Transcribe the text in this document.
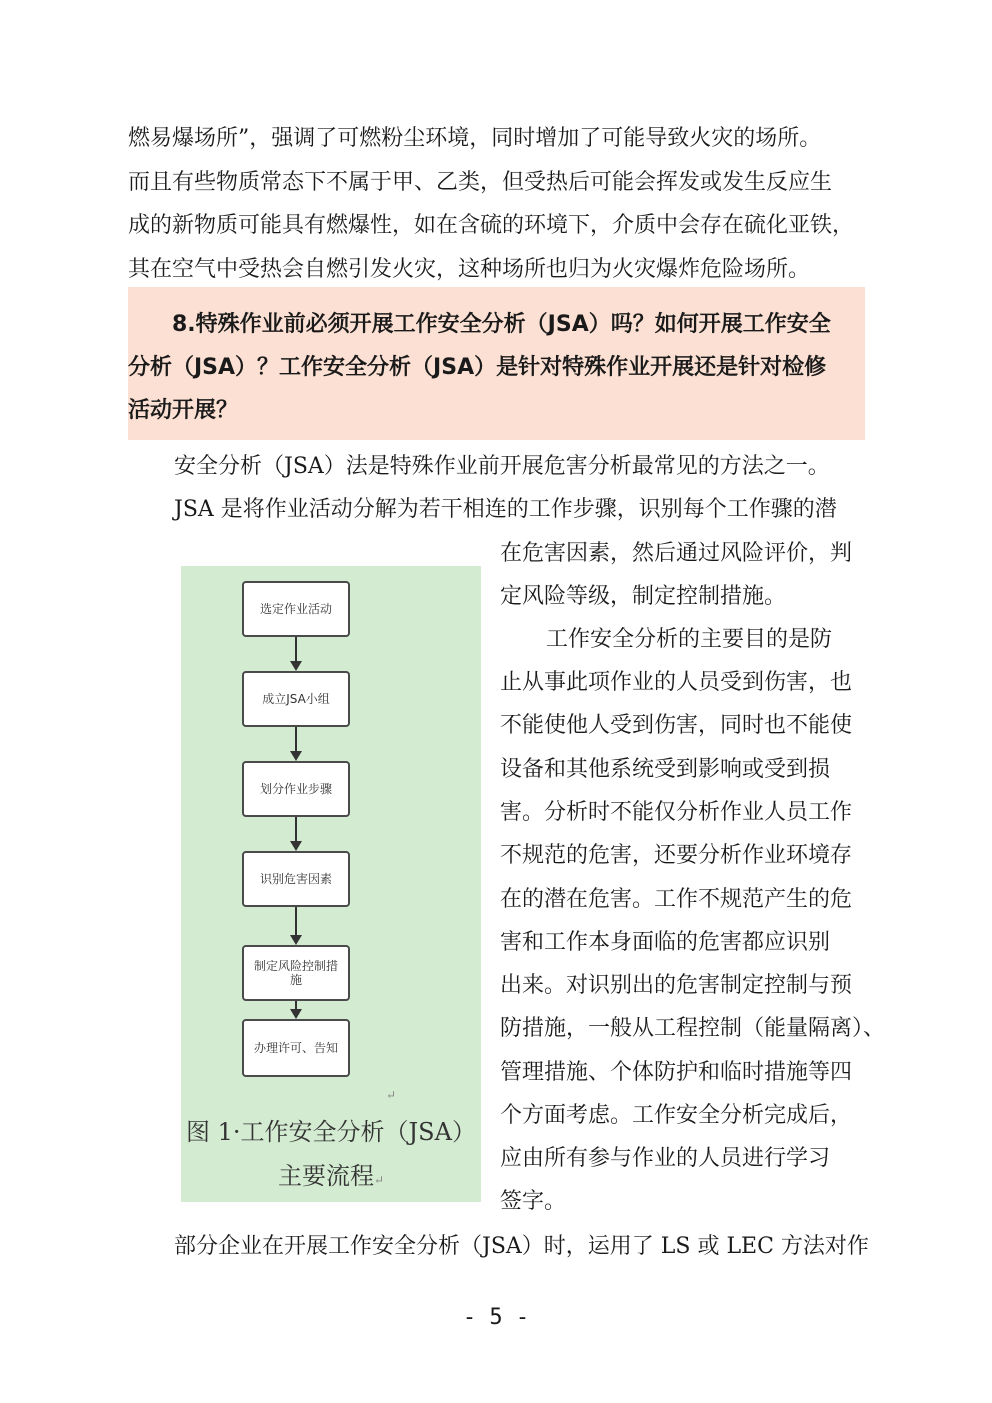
燃易爆场所”，强调了可燃粉尘环境，同时增加了可能导致火灾的场所。
而且有些物质常态下不属于甲、乙类，但受热后可能会挥发或发生反应生
成的新物质可能具有燃爆性，如在含硫的环境下，介质中会存在硫化亚铁，
其在空气中受热会自燃引发火灾，这种场所也归为火灾爆炸危险场所。
8.特殊作业前必须开展工作安全分析（JSA）吗？如何开展工作安全
分析（JSA）？工作安全分析（JSA）是针对特殊作业开展还是针对检修
活动开展？
安全分析（JSA）法是特殊作业前开展危害分析最常见的方法之一。
JSA 是将作业活动分解为若干相连的工作步骤，识别每个工作骤的潜
选定作业活动
成立JSA小组
划分作业步骤
识别危害因素
制定风险控制措施
办理许可、告知
↵
图 1·工作安全分析（JSA）
主要流程↵
在危害因素，然后通过风险评价，判
定风险等级，制定控制措施。
工作安全分析的主要目的是防
止从事此项作业的人员受到伤害，也
不能使他人受到伤害，同时也不能使
设备和其他系统受到影响或受到损
害。分析时不能仅分析作业人员工作
不规范的危害，还要分析作业环境存
在的潜在危害。工作不规范产生的危
害和工作本身面临的危害都应识别
出来。对识别出的危害制定控制与预
防措施，一般从工程控制（能量隔离）、
管理措施、个体防护和临时措施等四
个方面考虑。工作安全分析完成后，
应由所有参与作业的人员进行学习
签字。
部分企业在开展工作安全分析（JSA）时，运用了 LS 或 LEC 方法对作
- 5 -
